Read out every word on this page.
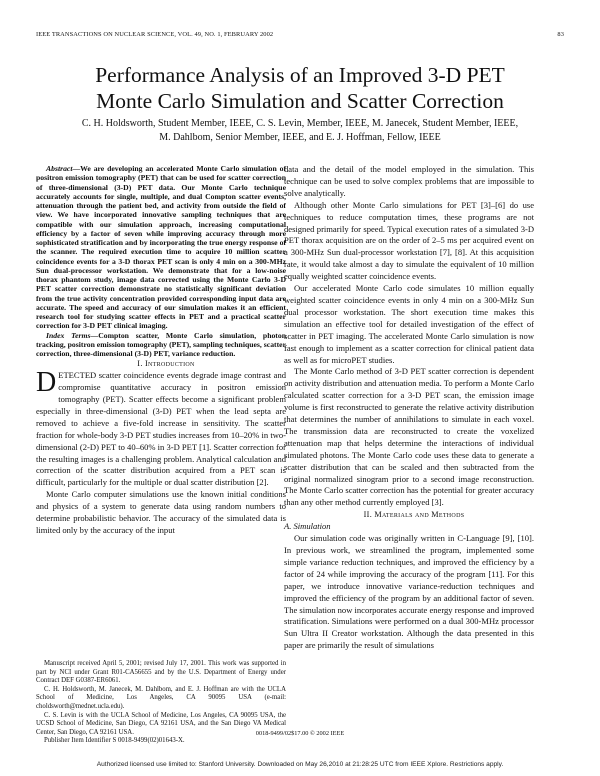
IEEE TRANSACTIONS ON NUCLEAR SCIENCE, VOL. 49, NO. 1, FEBRUARY 2002	83
Performance Analysis of an Improved 3-D PET
Monte Carlo Simulation and Scatter Correction
C. H. Holdsworth, Student Member, IEEE, C. S. Levin, Member, IEEE, M. Janecek, Student Member, IEEE,
M. Dahlbom, Senior Member, IEEE, and E. J. Hoffman, Fellow, IEEE

Abstract—We are developing an accelerated Monte Carlo simulation of positron emission tomography (PET) that can be used for scatter correction of three-dimensional (3-D) PET data. Our Monte Carlo technique accurately accounts for single, multiple, and dual Compton scatter events, attenuation through the patient bed, and activity from outside the field of view. We have incorporated innovative sampling techniques that are compatible with our simulation approach, increasing computational efficiency by a factor of seven while improving accuracy through more sophisticated stratification and by incorporating the true energy response of the scanner. The required execution time to acquire 10 million scatter coincidence events for a 3-D thorax PET scan is only 4 min on a 300-MHz Sun dual-processor workstation. We demonstrate that for a low-noise thorax phantom study, image data corrected using the Monte Carlo 3-D PET scatter correction demonstrate no statistically significant deviation from the true activity concentration provided corresponding input data are accurate. The speed and accuracy of our simulation makes it an efficient research tool for studying scatter effects in PET and a practical scatter correction for 3-D PET clinical imaging.

Index Terms—Compton scatter, Monte Carlo simulation, photon tracking, positron emission tomography (PET), sampling techniques, scatter correction, three-dimensional (3-D) PET, variance reduction.

I. Introduction

DETECTED scatter coincidence events degrade image contrast and compromise quantitative accuracy in positron emission tomography (PET). Scatter effects become a significant problem especially in three-dimensional (3-D) PET when the lead septa are removed to achieve a five-fold increase in sensitivity. The scatter fraction for whole-body 3-D PET studies increases from 10–20% in two-dimensional (2-D) PET to 40–60% in 3-D PET [1]. Scatter correction for the resulting images is a challenging problem. Analytical calculation and correction of the scatter distribution acquired from a PET scan is difficult, particularly for the multiple or dual scatter distribution [2].

Monte Carlo computer simulations use the known initial conditions and physics of a system to generate data using random numbers to determine probabilistic behavior. The accuracy of the simulated data is limited only by the accuracy of the input

Manuscript received April 5, 2001; revised July 17, 2001. This work was supported in part by NCI under Grant R01-CA56655 and by the U.S. Department of Energy under Contract DEF G0387-ER6061.

C. H. Holdsworth, M. Janecek, M. Dahlbom, and E. J. Hoffman are with the UCLA School of Medicine, Los Angeles, CA 90095 USA (e-mail: choldsworth@mednet.ucla.edu).

C. S. Levin is with the UCLA School of Medicine, Los Angeles, CA 90095 USA, the UCSD School of Medicine, San Diego, CA 92161 USA, and the San Diego VA Medical Center, San Diego, CA 92161 USA.

Publisher Item Identifier S 0018-9499(02)01643-X.

data and the detail of the model employed in the simulation. This technique can be used to solve complex problems that are impossible to solve analytically.

Although other Monte Carlo simulations for PET [3]–[6] do use techniques to reduce computation times, these programs are not designed primarily for speed. Typical execution rates of a simulated 3-D PET thorax acquisition are on the order of 2–5 ms per acquired event on a 300-MHz Sun dual-processor workstation [7], [8]. At this acquisition rate, it would take almost a day to simulate the equivalent of 10 million equally weighted scatter coincidence events.

Our accelerated Monte Carlo code simulates 10 million equally weighted scatter coincidence events in only 4 min on a 300-MHz Sun dual processor workstation. The short execution time makes this simulation an effective tool for detailed investigation of the effect of scatter in PET imaging. The accelerated Monte Carlo simulation is now fast enough to implement as a scatter correction for clinical patient data as well as for microPET studies.

The Monte Carlo method of 3-D PET scatter correction is dependent on activity distribution and attenuation media. To perform a Monte Carlo calculated scatter correction for a 3-D PET scan, the emission image volume is first reconstructed to generate the relative activity distribution that determines the number of annihilations to simulate in each voxel. The transmission data are reconstructed to create the voxelized attenuation map that helps determine the interactions of individual simulated photons. The Monte Carlo code uses these data to generate a scatter distribution that can be scaled and then subtracted from the original normalized sinogram prior to a second image reconstruction. The Monte Carlo scatter correction has the potential for greater accuracy than any other method currently employed [3].

II. Materials and Methods

A. Simulation

Our simulation code was originally written in C-Language [9], [10]. In previous work, we streamlined the program, implemented some simple variance reduction techniques, and improved the efficiency by a factor of 24 while improving the accuracy of the program [11]. For this paper, we introduce innovative variance-reduction techniques and improved the efficiency of the program by an additional factor of seven. The simulation now incorporates accurate energy response and improved stratification. Simulations were performed on a dual 300-MHz processor Sun Ultra II Creator workstation. Although the data presented in this paper are primarily the result of simulations

0018-9499/02$17.00 © 2002 IEEE
Authorized licensed use limited to: Stanford University. Downloaded on May 26,2010 at 21:28:25 UTC from IEEE Xplore. Restrictions apply.
